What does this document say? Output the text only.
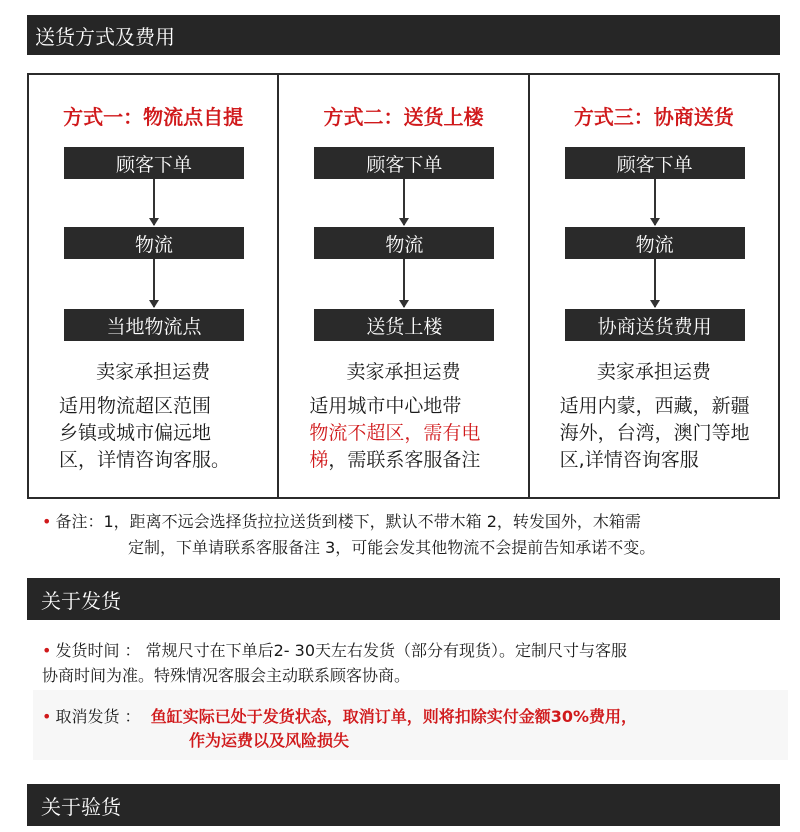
送货方式及费用
方式一：物流点自提
顾客下单
物流
当地物流点
卖家承担运费
适用物流超区范围
乡镇或城市偏远地
区，详情咨询客服。
方式二：送货上楼
顾客下单
物流
送货上楼
卖家承担运费
适用城市中心地带
物流不超区，需有电
梯，需联系客服备注
方式三：协商送货
顾客下单
物流
协商送货费用
卖家承担运费
适用内蒙，西藏，新疆
海外，台湾，澳门等地
区,详情咨询客服
• 备注：1，距离不远会选择货拉拉送货到楼下，默认不带木箱 2，转发国外，木箱需
定制，下单请联系客服备注 3，可能会发其他物流不会提前告知承诺不变。
关于发货
• 发货时间 ： 常规尺寸在下单后2- 30天左右发货（部分有现货）。定制尺寸与客服
协商时间为准。特殊情况客服会主动联系顾客协商。
• 取消发货 ： 鱼缸实际已处于发货状态，取消订单，则将扣除实付金额30%费用，
作为运费以及风险损失
关于验货
